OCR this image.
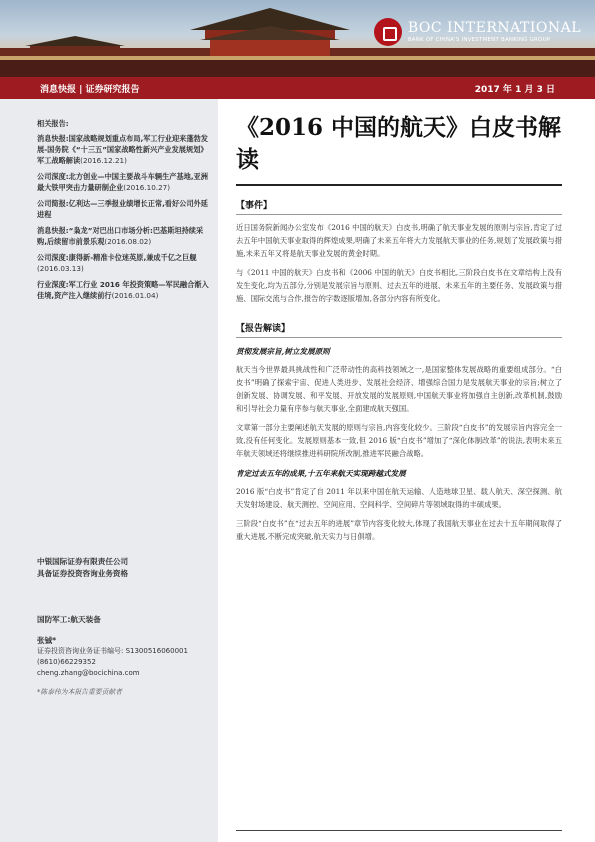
BOC INTERNATIONAL
BANK OF CHINA'S INVESTMENT BANKING GROUP
消息快报 | 证券研究报告	2017 年 1 月 3 日
相关报告:
消息快报:国家战略规划重点布局,军工行业迎来蓬勃发展-国务院《“十三五”国家战略性新兴产业发展规划》军工战略解读(2016.12.21)
公司深度:北方创业—中国主要战斗车辆生产基地,亚洲最大铁甲突击力量研制企业(2016.10.27)
公司简报:亿利达—三季报业绩增长正常,看好公司外延进程
消息快报:“枭龙”对巴出口市场分析:巴基斯坦持续采购,后续留市前景乐观(2016.08.02)
公司深度:康得新-精准卡位迷英原,兼成千亿之巨舰(2016.03.13)
行业深度:军工行业 2016 年投资策略—军民融合渐入佳境,资产注入继续前行(2016.01.04)
中银国际证券有限责任公司
具备证券投资咨询业务资格
国防军工:航天装备
张铖*
证券投资咨询业务证书编号: S1300516060001
(8610)66229352
cheng.zhang@bocichina.com
*陈泰伟为本报告重要贡献者
《2016 中国的航天》白皮书解读
【事件】
近日国务院新闻办公室发布《2016 中国的航天》白皮书,明确了航天事业发展的原则与宗旨,肯定了过去五年中国航天事业取得的辉煌成果,明确了未来五年将大力发展航天事业的任务,规划了发展政策与措施,未来五年又将是航天事业发展的黄金时期。
与《2011 中国的航天》白皮书和《2006 中国的航天》白皮书相比,三阶段白皮书在文章结构上没有发生变化,均为五部分,分别是发展宗旨与原则、过去五年的进展、未来五年的主要任务、发展政策与措施、国际交流与合作,报告的字数逐版增加,各部分内容有所变化。
【报告解读】
贯彻发展宗旨,树立发展原则
航天当今世界最具挑战性和广泛带动性的高科技领域之一,是国家整体发展战略的重要组成部分。“白皮书”明确了探索宇宙、促进人类进步、发展社会经济、增强综合国力是发展航天事业的宗旨;树立了创新发展、协调发展、和平发展、开放发展的发展原则,中国航天事业将加强自主创新,改革机制,鼓励和引导社会力量有序参与航天事业,全面建成航天强国。
文章第一部分主要阐述航天发展的原则与宗旨,内容变化较少。三阶段“白皮书”的发展宗旨内容完全一致,没有任何变化。发展原则基本一致,但 2016 版“白皮书”增加了“深化体制改革”的说法,表明未来五年航天领域还将继续推进科研院所改制,推进军民融合战略。
肯定过去五年的成果,十五年来航天实现跨越式发展
2016 版“白皮书”肯定了自 2011 年以来中国在航天运输、人造地球卫星、载人航天、深空探测、航天发射场建设、航天测控、空间应用、空间科学、空间碎片等领域取得的丰硕成果。
三阶段“白皮书”在“过去五年的进展”章节内容变化较大,体现了我国航天事业在过去十五年期间取得了重大进展,不断完成突破,航天实力与日俱增。
